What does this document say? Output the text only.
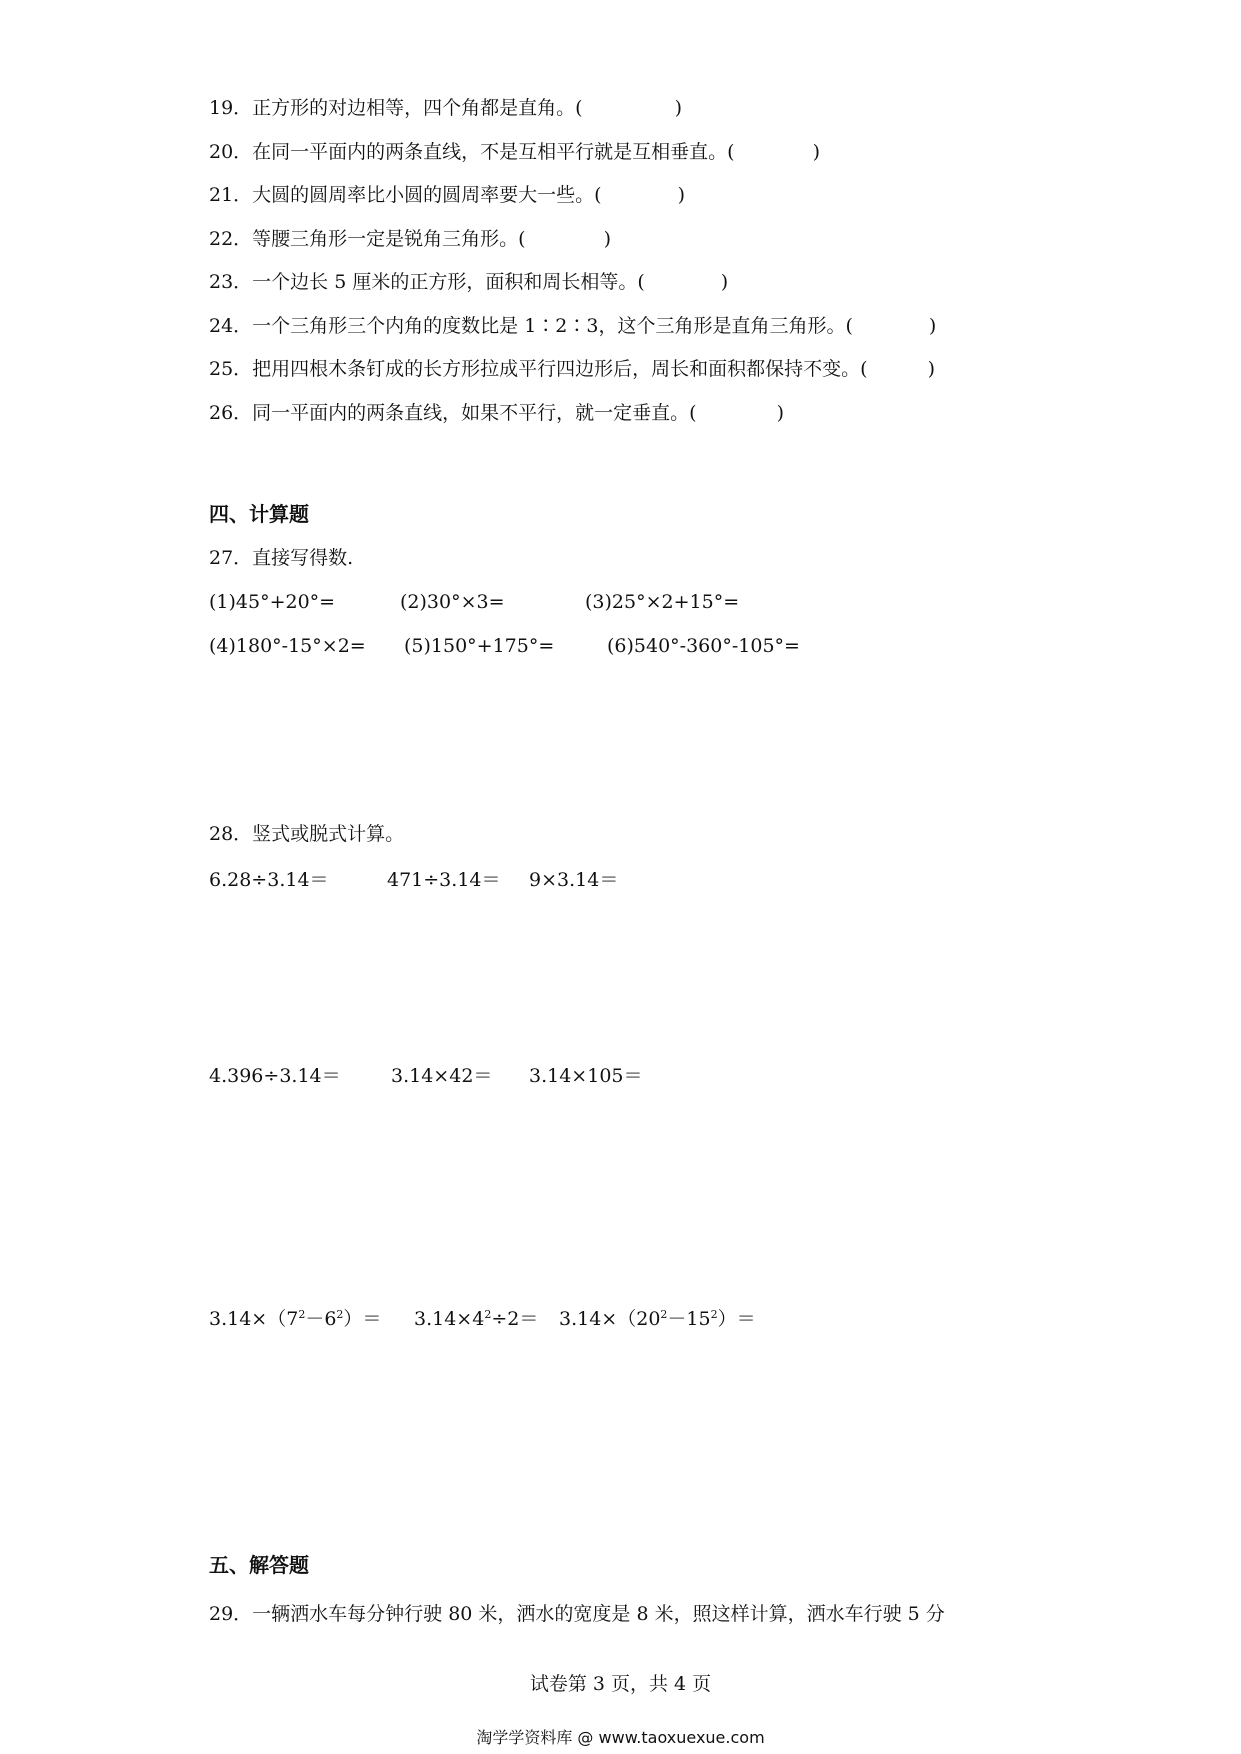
19．正方形的对边相等，四个角都是直角。(	)
20．在同一平面内的两条直线，不是互相平行就是互相垂直。(	)
21．大圆的圆周率比小圆的圆周率要大一些。(	)
22．等腰三角形一定是锐角三角形。(	)
23．一个边长 5 厘米的正方形，面积和周长相等。(	)
24．一个三角形三个内角的度数比是 1∶2∶3，这个三角形是直角三角形。(	)
25．把用四根木条钉成的长方形拉成平行四边形后，周长和面积都保持不变。(	)
26．同一平面内的两条直线，如果不平行，就一定垂直。(	)
四、计算题
27．直接写得数.
(1)45°+20°=	(2)30°×3=	(3)25°×2+15°=
(4)180°-15°×2= (5)150°+175°=	(6)540°-360°-105°=
28．竖式或脱式计算。
6.28÷3.14＝	471÷3.14＝ 9×3.14＝
4.396÷3.14＝	3.14×42＝ 3.14×105＝
$3.14\times(7^2-6^2)= 3.14\times 4^2\div 2= 3.14\times(20^2-15^2)=$
五、解答题
29．一辆洒水车每分钟行驶 80 米，洒水的宽度是 8 米，照这样计算，洒水车行驶 5 分
试卷第 3 页，共 4 页
淘学学资料库 @ www.taoxuexue.com
